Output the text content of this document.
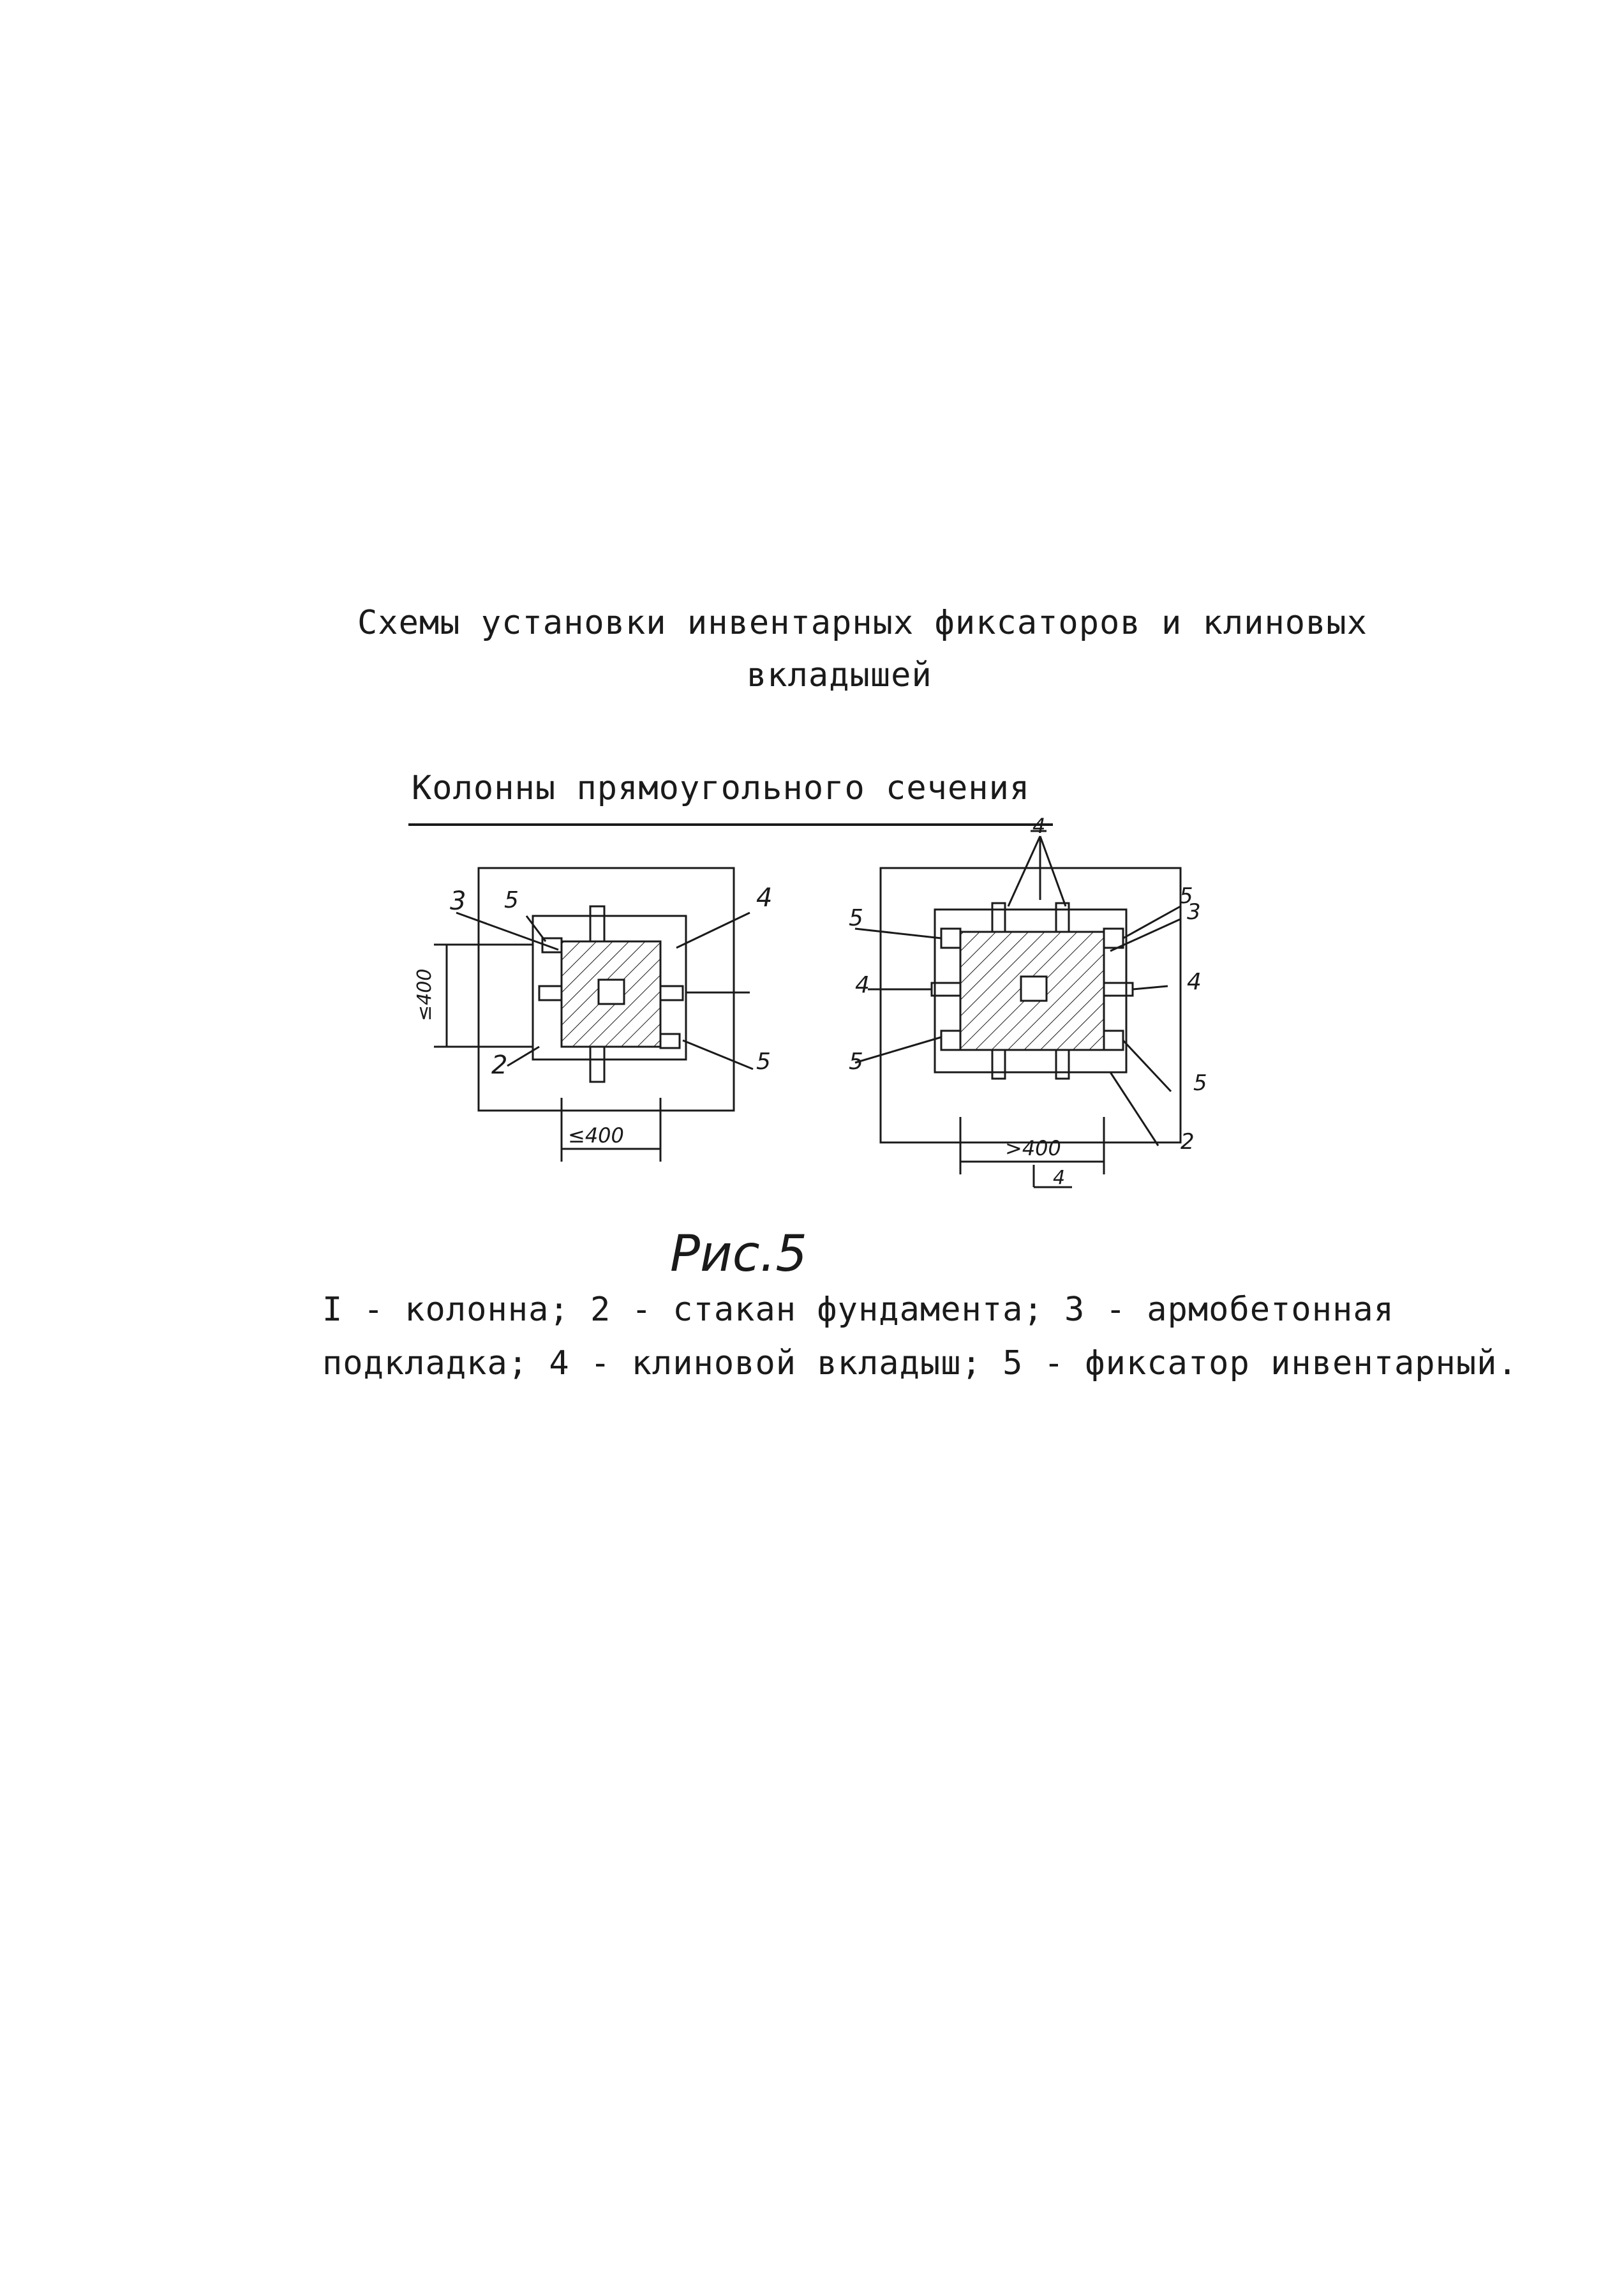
Схемы установки инвентарных фиксаторов и клиновых
вкладышей
Колонны прямоугольного сечения
3 5	4
2	5
≤400
≤400
4
5
5
3
4	4
5
5
2
4
>400
Рис.5
I - колонна; 2 - стакан фундамента; 3 - армобетонная
подкладка; 4 - клиновой вкладыш; 5 - фиксатор инвентарный.
